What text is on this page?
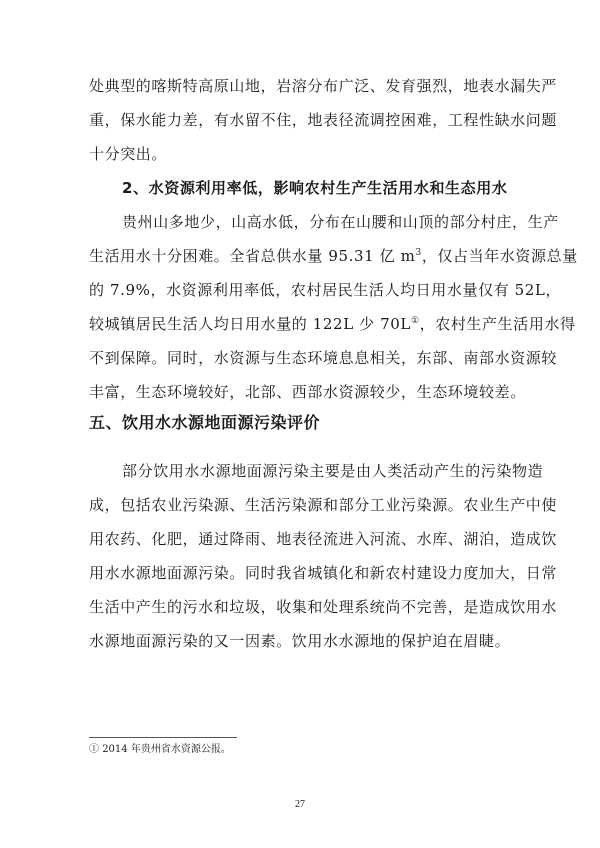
处典型的喀斯特高原山地，岩溶分布广泛、发育强烈，地表水漏失严
重，保水能力差，有水留不住，地表径流调控困难，工程性缺水问题
十分突出。
2、水资源利用率低，影响农村生产生活用水和生态用水
贵州山多地少，山高水低，分布在山腰和山顶的部分村庄，生产
生活用水十分困难。全省总供水量 95.31 亿 $m^3$，仅占当年水资源总量
的 7.9%，水资源利用率低，农村居民生活人均日用水量仅有 52L，
较城镇居民生活人均日用水量的 122L 少 70L①，农村生产生活用水得
不到保障。同时，水资源与生态环境息息相关，东部、南部水资源较
丰富，生态环境较好，北部、西部水资源较少，生态环境较差。
五、饮用水水源地面源污染评价
部分饮用水水源地面源污染主要是由人类活动产生的污染物造
成，包括农业污染源、生活污染源和部分工业污染源。农业生产中使
用农药、化肥，通过降雨、地表径流进入河流、水库、湖泊，造成饮
用水水源地面源污染。同时我省城镇化和新农村建设力度加大，日常
生活中产生的污水和垃圾，收集和处理系统尚不完善，是造成饮用水
水源地面源污染的又一因素。饮用水水源地的保护迫在眉睫。
① 2014 年贵州省水资源公报。
27
